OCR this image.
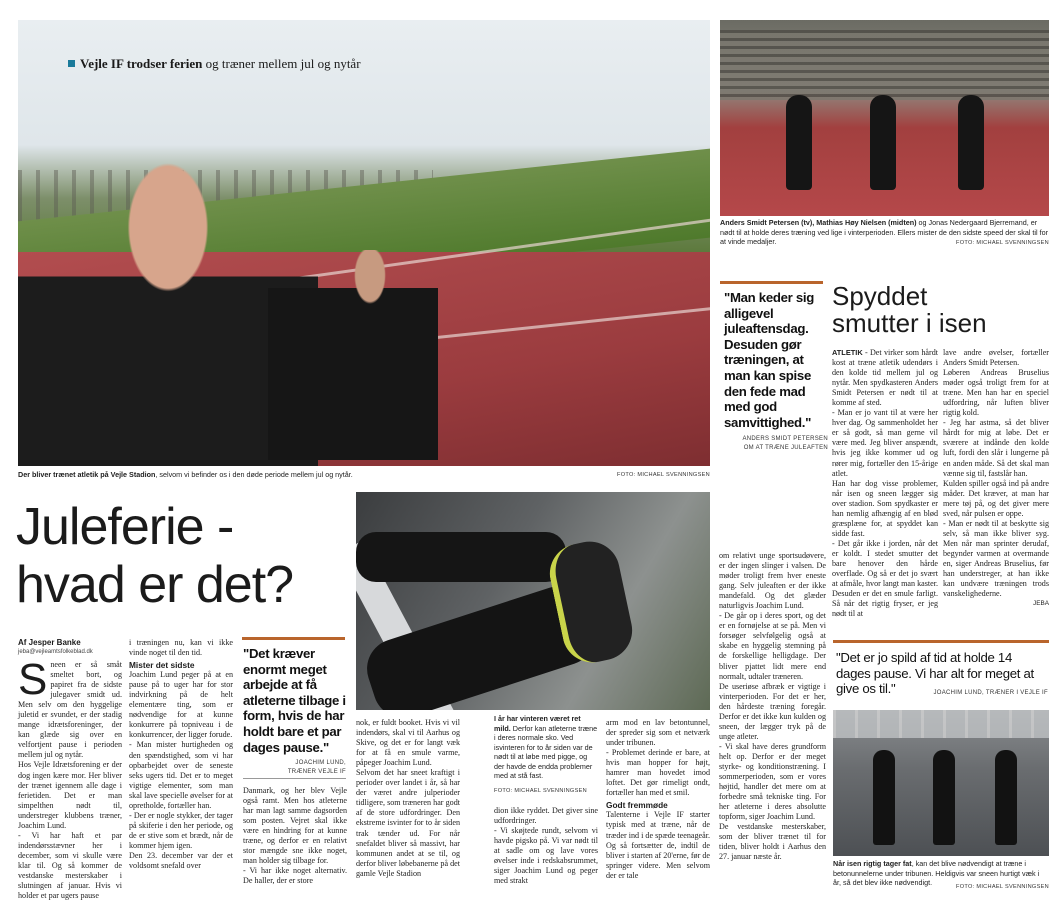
Vejle IF trodser ferien og træner mellem jul og nytår
Der bliver trænet atletik på Vejle Stadion, selvom vi befinder os i den døde periode mellem jul og nytår.	FOTO: MICHAEL SVENNINGSEN
Anders Smidt Petersen (tv), Mathias Høy Nielsen (midten) og Jonas Nedergaard Bjerremand, er nødt til at holde deres træning ved lige i vinterperioden. Ellers mister de den sidste speed der skal til for at vinde medaljer.	FOTO: MICHAEL SVENNINGSEN
"Man keder sig alligevel juleaftensdag. Desuden gør træningen, at man kan spise den fede mad med god samvittighed."
ANDERS SMIDT PETERSEN
OM AT TRÆNE JULEAFTEN
Spyddet
smutter i isen

ATLETIK - Det virker som hårdt kost at træne atletik udendørs i den kolde tid mellem jul og nytår. Men spydkasteren Anders Smidt Petersen er nødt til at komme af sted.

- Man er jo vant til at være her hver dag. Og sammenholdet her er så godt, så man gerne vil være med. Jeg bliver anspændt, hvis jeg ikke kommer ud og rører mig, fortæller den 15-årige atlet.

Han har dog visse problemer, når isen og sneen lægger sig over stadion. Som spydkaster er han nemlig afhængig af en blød græsplæne for, at spyddet kan sidde fast.

- Det går ikke i jorden, når det er koldt. I stedet smutter det bare henover den hårde overflade. Og så er det jo svært at afmåle, hvor langt man kaster. Desuden er det en smule farligt. Så når det rigtig fryser, er jeg nødt til at

lave andre øvelser, fortæller Anders Smidt Petersen.

Løberen Andreas Bruselius møder også troligt frem for at træne. Men han har en speciel udfordring, når luften bliver rigtig kold.

- Jeg har astma, så det bliver hårdt for mig at løbe. Det er sværere at indånde den kolde luft, fordi den slår i lungerne på en anden måde. Så det skal man vænne sig til, fastslår han.

Kulden spiller også ind på andre måder. Det kræver, at man har mere tøj på, og det giver mere sved, når pulsen er oppe.

- Man er nødt til at beskytte sig selv, så man ikke bliver syg. Men når man sprinter derudaf, begynder varmen at overmande en, siger Andreas Bruselius, før han understreger, at han ikke kan undvære træningen trods vanskelighederne.

JEBA
Juleferie -
hvad er det?
Af Jesper Banke
jeba@vejleamtsfolkeblad.dk

Sneen er så småt smeltet bort, og papiret fra de sidste julegaver smidt ud. Men selv om den hyggelige juletid er svundet, er der stadig mange idrætsforeninger, der kan glæde sig over en velfortjent pause i perioden mellem jul og nytår.

Hos Vejle Idrætsforening er der dog ingen kære mor. Her bliver der trænet igennem alle dage i ferietiden. Det er man simpelthen nødt til, understreger klubbens træner, Joachim Lund.

- Vi har haft et par indendørsstævner her i december, som vi skulle være klar til. Og så kommer de vestdanske mesterskaber i slutningen af januar. Hvis vi holder et par ugers pause

i træningen nu, kan vi ikke vinde noget til den tid.

Mister det sidste

Joachim Lund peger på at en pause på to uger har for stor indvirkning på de helt elementære ting, som er nødvendige for at kunne konkurrere på topniveau i de konkurrencer, der ligger forude.

- Man mister hurtigheden og den spændstighed, som vi har opbarbejdet over de seneste seks ugers tid. Det er to meget vigtige elementer, som man skal lave specielle øvelser for at opretholde, fortæller han.

- Der er nogle stykker, der tager på skiferie i den her periode, og de er stive som et brædt, når de kommer hjem igen.

Den 23. december var der et voldsomt snefald over

"Det kræver enormt meget arbejde at få atleterne tilbage i form, hvis de har holdt bare et par dages pause."
JOACHIM LUND,
TRÆNER VEJLE IF

Danmark, og her blev Vejle også ramt. Men hos atleterne har man lagt samme dagsorden som posten. Vejret skal ikke være en hindring for at kunne træne, og derfor er en relativt stor mængde sne ikke noget, man holder sig tilbage for.

- Vi har ikke noget alternativ. De haller, der er store

nok, er fuldt booket. Hvis vi vil indendørs, skal vi til Aarhus og Skive, og det er for langt væk for at få en smule varme, påpeger Joachim Lund.

Selvom det har sneet kraftigt i perioder over landet i år, så har der været andre julperioder tidligere, som træneren har godt af de store udfordringer. Den ekstreme isvinter for to år siden trak tænder ud. For når snefaldet bliver så massivt, har kommunen andet at se til, og derfor bliver løbebanerne på det gamle Vejle Stadion

I år har vinteren været ret mild. Derfor kan atleterne træne i deres normale sko. Ved isvinteren for to år siden var de nødt til at løbe med pigge, og der havde de endda problemer med at stå fast.
FOTO: MICHAEL SVENNINGSEN

arm mod en lav betontunnel, der spreder sig som et netværk under tribunen.

- Problemet derinde er bare, at hvis man hopper for højt, hamrer man hovedet imod loftet. Det gør rimeligt ondt, fortæller han med et smil.

Godt fremmøde

Talenterne i Vejle IF starter typisk med at træne, når de træder ind i de spæde teenageår. Og så fortsætter de, indtil de bliver i starten af 20'erne, før de springer videre. Men selvom der er tale

dion ikke ryddet. Det giver sine udfordringer.

- Vi skøjtede rundt, selvom vi havde pigsko på. Vi var nødt til at sadle om og lave vores øvelser inde i redskabsrummet, siger Joachim Lund og peger med strakt

om relativt unge sportsudøvere, er der ingen slinger i valsen. De møder troligt frem hver eneste gang. Selv juleaften er der ikke mandefald. Og det glæder naturligvis Joachim Lund.

- De går op i deres sport, og det er en fornøjelse at se på. Men vi forsøger selvfølgelig også at skabe en hyggelig stemning på de forskellige helligdage. Der bliver pjattet lidt mere end normalt, udtaler træneren.

De useriøse afbræk er vigtige i vinterperioden. For det er her, den hårdeste træning foregår. Derfor er det ikke kun kulden og sneen, der lægger tryk på de unge atleter.

- Vi skal have deres grundform helt op. Derfor er der meget styrke- og konditionstræning. I sommerperioden, som er vores højtid, handler det mere om at forbedre små tekniske ting. For her atleterne i deres absolutte topform, siger Joachim Lund.

De vestdanske mesterskaber, som der bliver trænet til for tiden, bliver holdt i Aarhus den 27. januar næste år.

"Det er jo spild af tid at holde 14 dages pause. Vi har alt for meget at give os til."	JOACHIM LUND, TRÆNER I VEJLE IF
Når isen rigtig tager fat, kan det blive nødvendigt at træne i betonunnelerne under tribunen. Heldigvis var sneen hurtigt væk i år, så det blev ikke nødvendigt.	FOTO: MICHAEL SVENNINGSEN
